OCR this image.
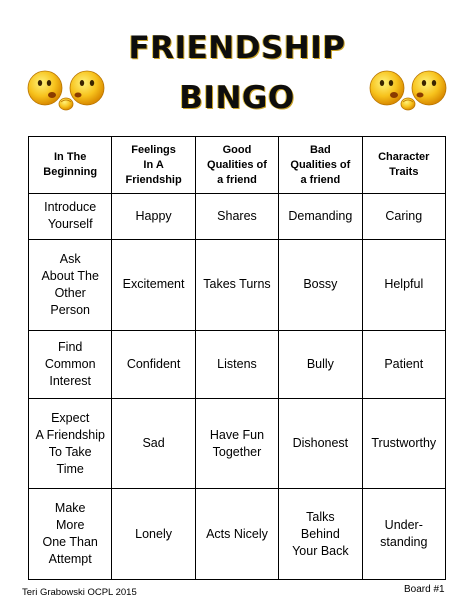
FRIENDSHIP
BINGO
In The
Beginning	Feelings
In A
Friendship	Good
Qualities of
a friend	Bad
Qualities of
a friend	Character
Traits

Introduce
Yourself	Happy	Shares	Demanding	Caring

Ask
About The
Other
Person	Excitement	Takes Turns	Bossy	Helpful

Find
Common
Interest	Confident	Listens	Bully	Patient

Expect
A Friendship
To Take
Time	Sad	Have Fun
Together	Dishonest	Trustworthy

Make
More
One Than
Attempt	Lonely	Acts Nicely	Talks
Behind
Your Back	Under-
standing
Teri Grabowski OCPL 2015	Board #1
